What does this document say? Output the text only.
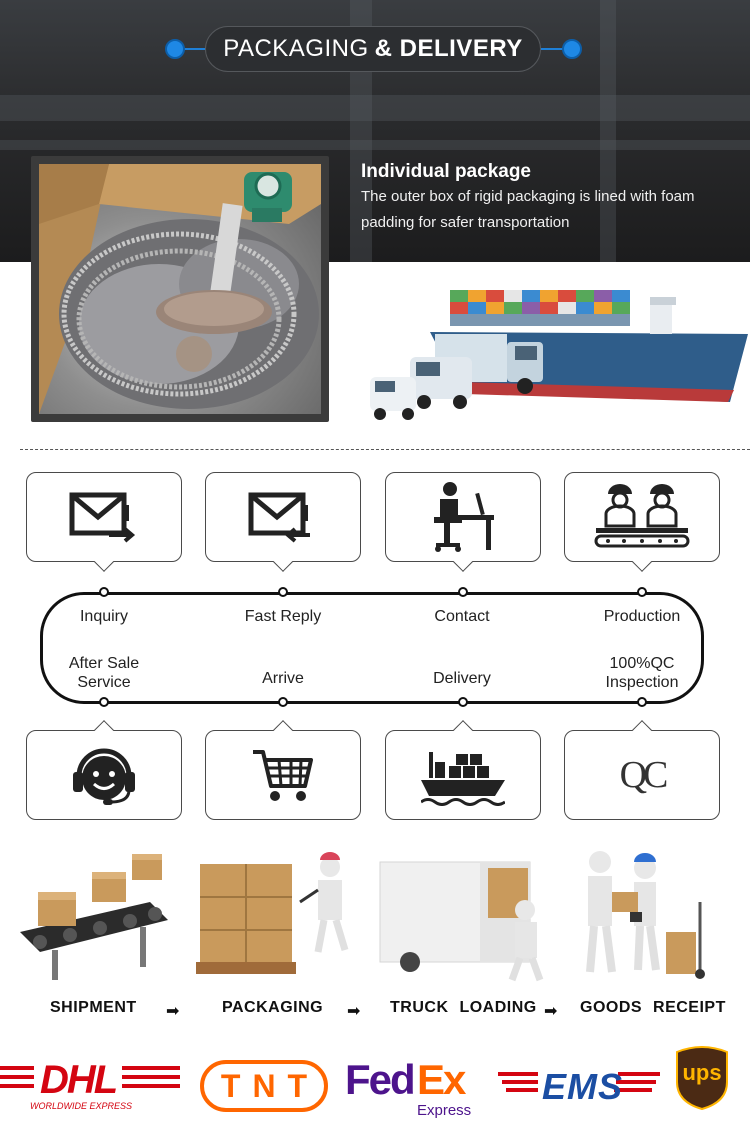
PACKAGING & DELIVERY
Individual package
The outer box of rigid packaging is lined with foam padding for safer transportation
Inquiry	Fast Reply	Contact	Production
After Sale
Service	Arrive	Delivery
100%QC
Inspection
QC
SHIPMENT ➡	PACKAGING ➡ TRUCK LOADING ➡ GOODS RECEIPT
DHL
WORLDWIDE EXPRESS
TNT Fed Ex
Express
EMS	ups
